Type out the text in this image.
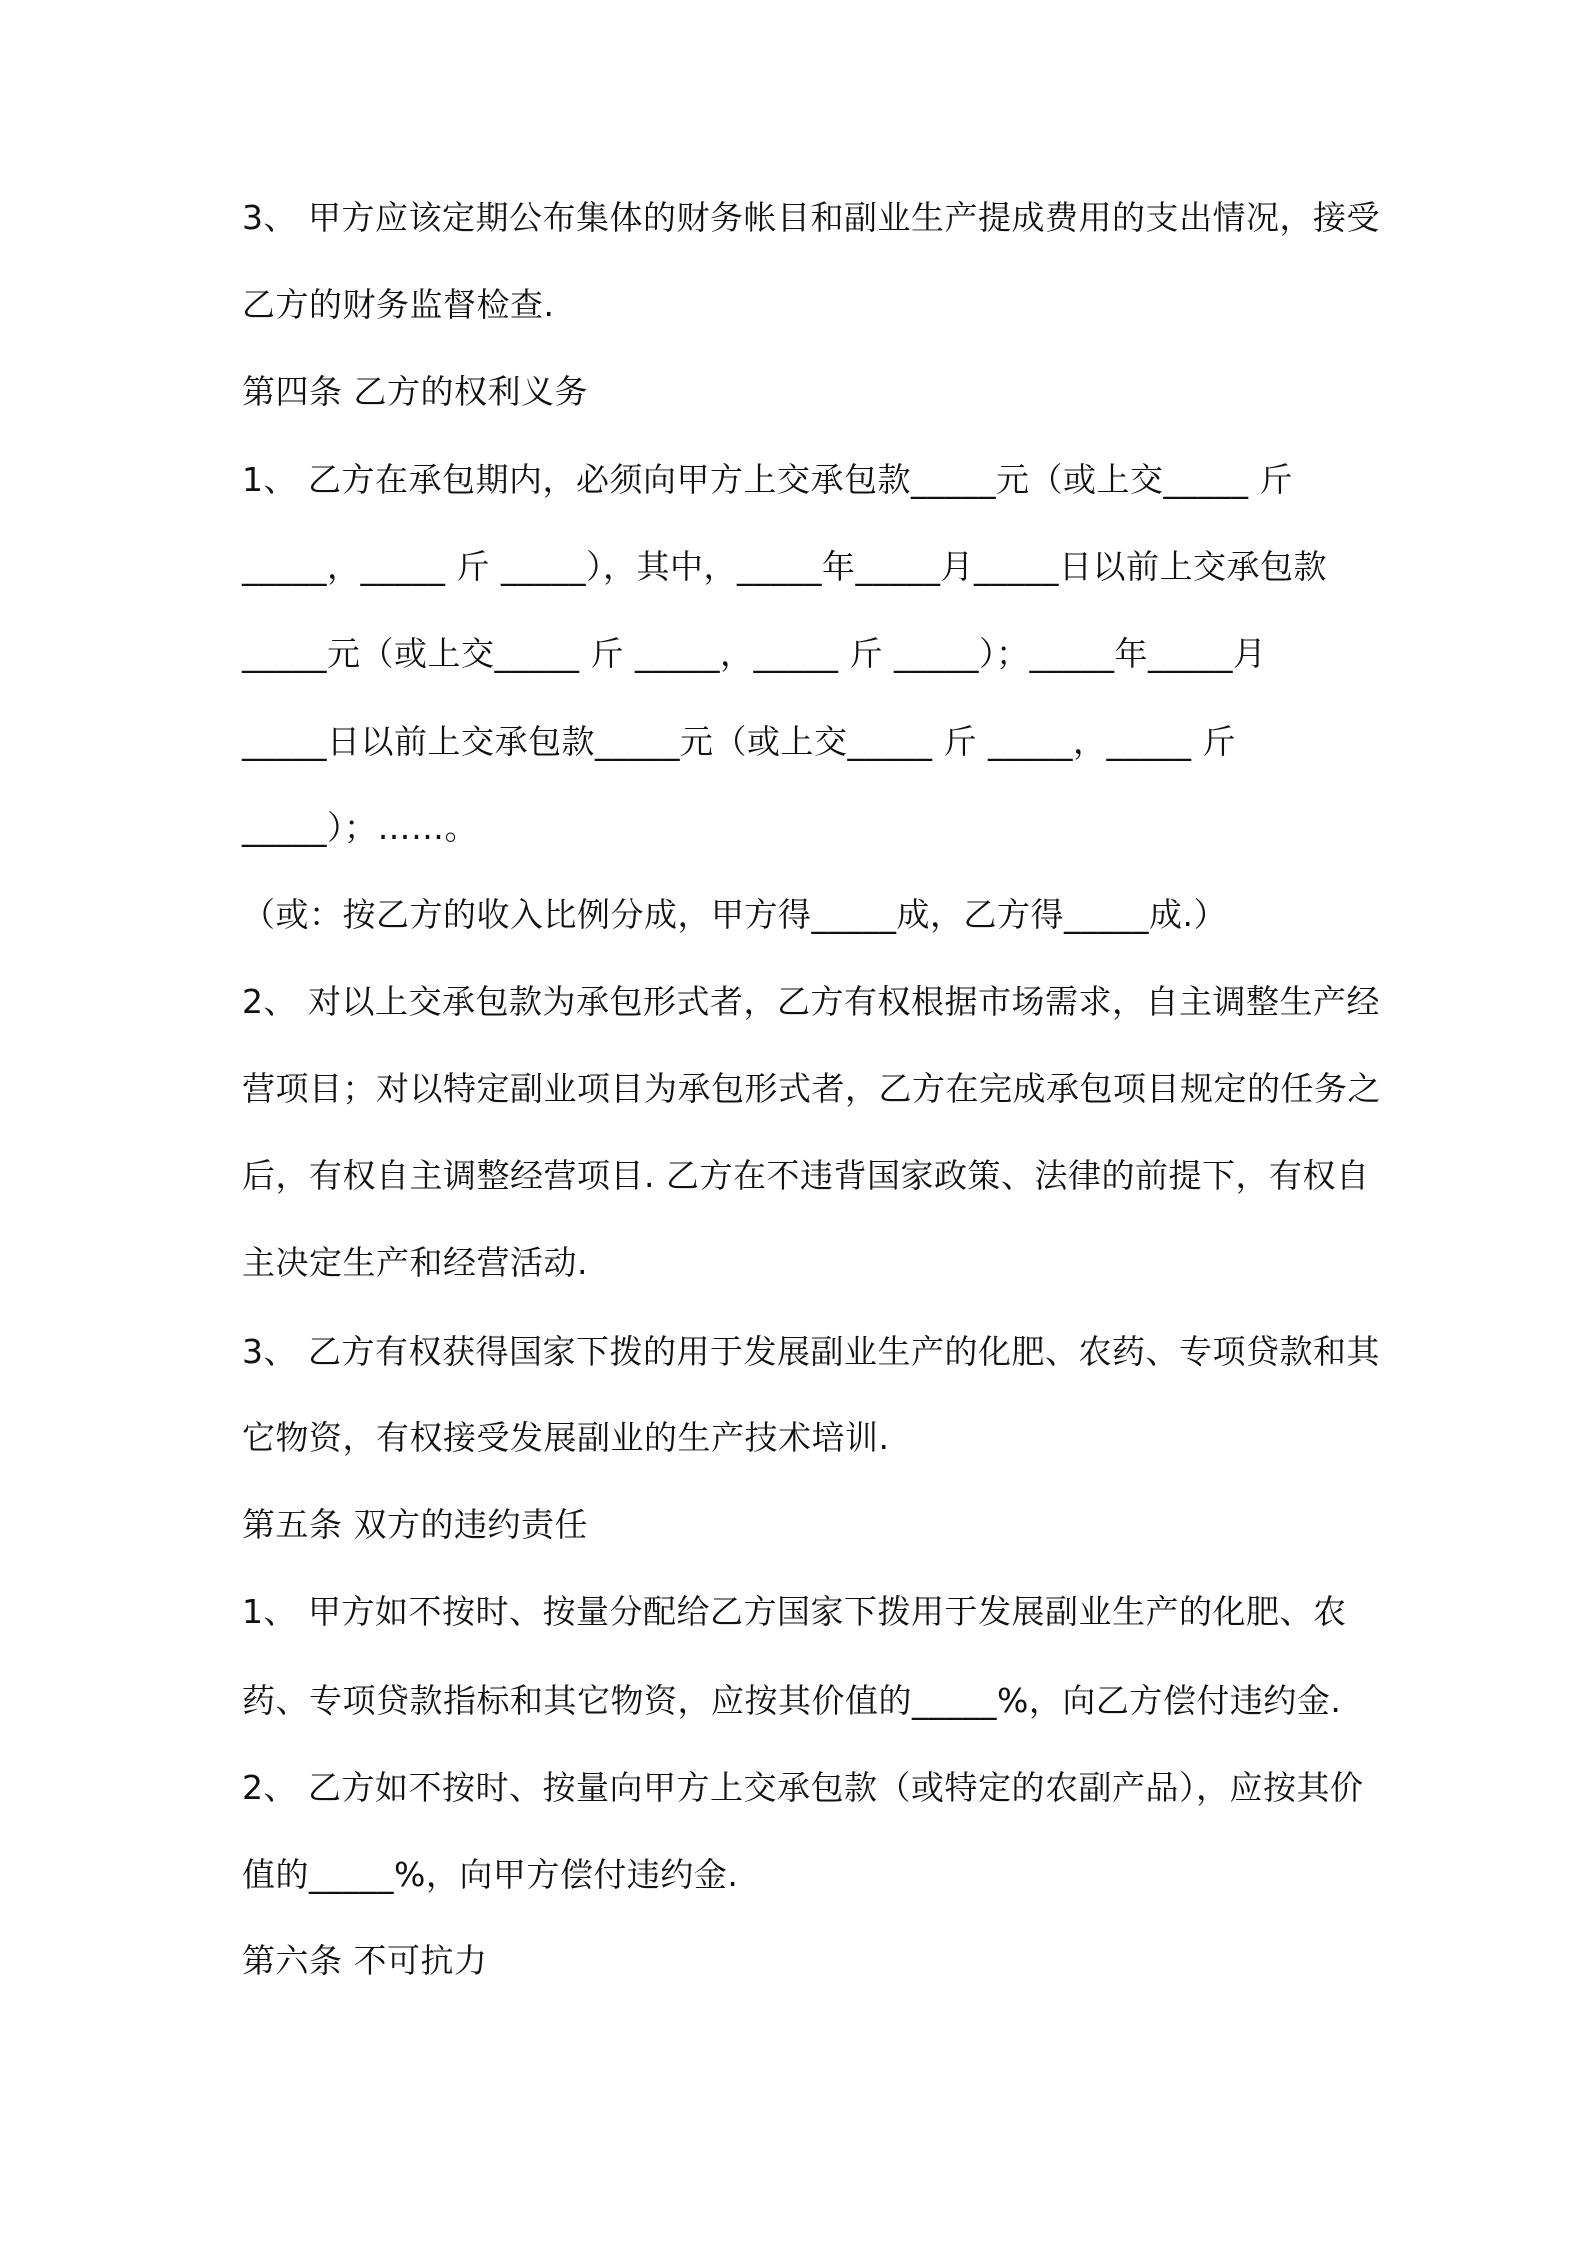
3、 甲方应该定期公布集体的财务帐目和副业生产提成费用的支出情况，接受
乙方的财务监督检查.
第四条 乙方的权利义务
1、 乙方在承包期内，必须向甲方上交承包款_____元（或上交_____ 斤
_____，_____ 斤 _____），其中，_____年_____月_____日以前上交承包款
_____元（或上交_____ 斤 _____，_____ 斤 _____）；_____年_____月
_____日以前上交承包款_____元（或上交_____ 斤 _____，_____ 斤
_____）；……。
（或：按乙方的收入比例分成，甲方得_____成，乙方得_____成.）
2、 对以上交承包款为承包形式者，乙方有权根据市场需求，自主调整生产经
营项目；对以特定副业项目为承包形式者，乙方在完成承包项目规定的任务之
后，有权自主调整经营项目. 乙方在不违背国家政策、法律的前提下，有权自
主决定生产和经营活动.
3、 乙方有权获得国家下拨的用于发展副业生产的化肥、农药、专项贷款和其
它物资，有权接受发展副业的生产技术培训.
第五条 双方的违约责任
1、 甲方如不按时、按量分配给乙方国家下拨用于发展副业生产的化肥、农
药、专项贷款指标和其它物资，应按其价值的_____%，向乙方偿付违约金.
2、 乙方如不按时、按量向甲方上交承包款（或特定的农副产品），应按其价
值的_____%，向甲方偿付违约金.
第六条 不可抗力
